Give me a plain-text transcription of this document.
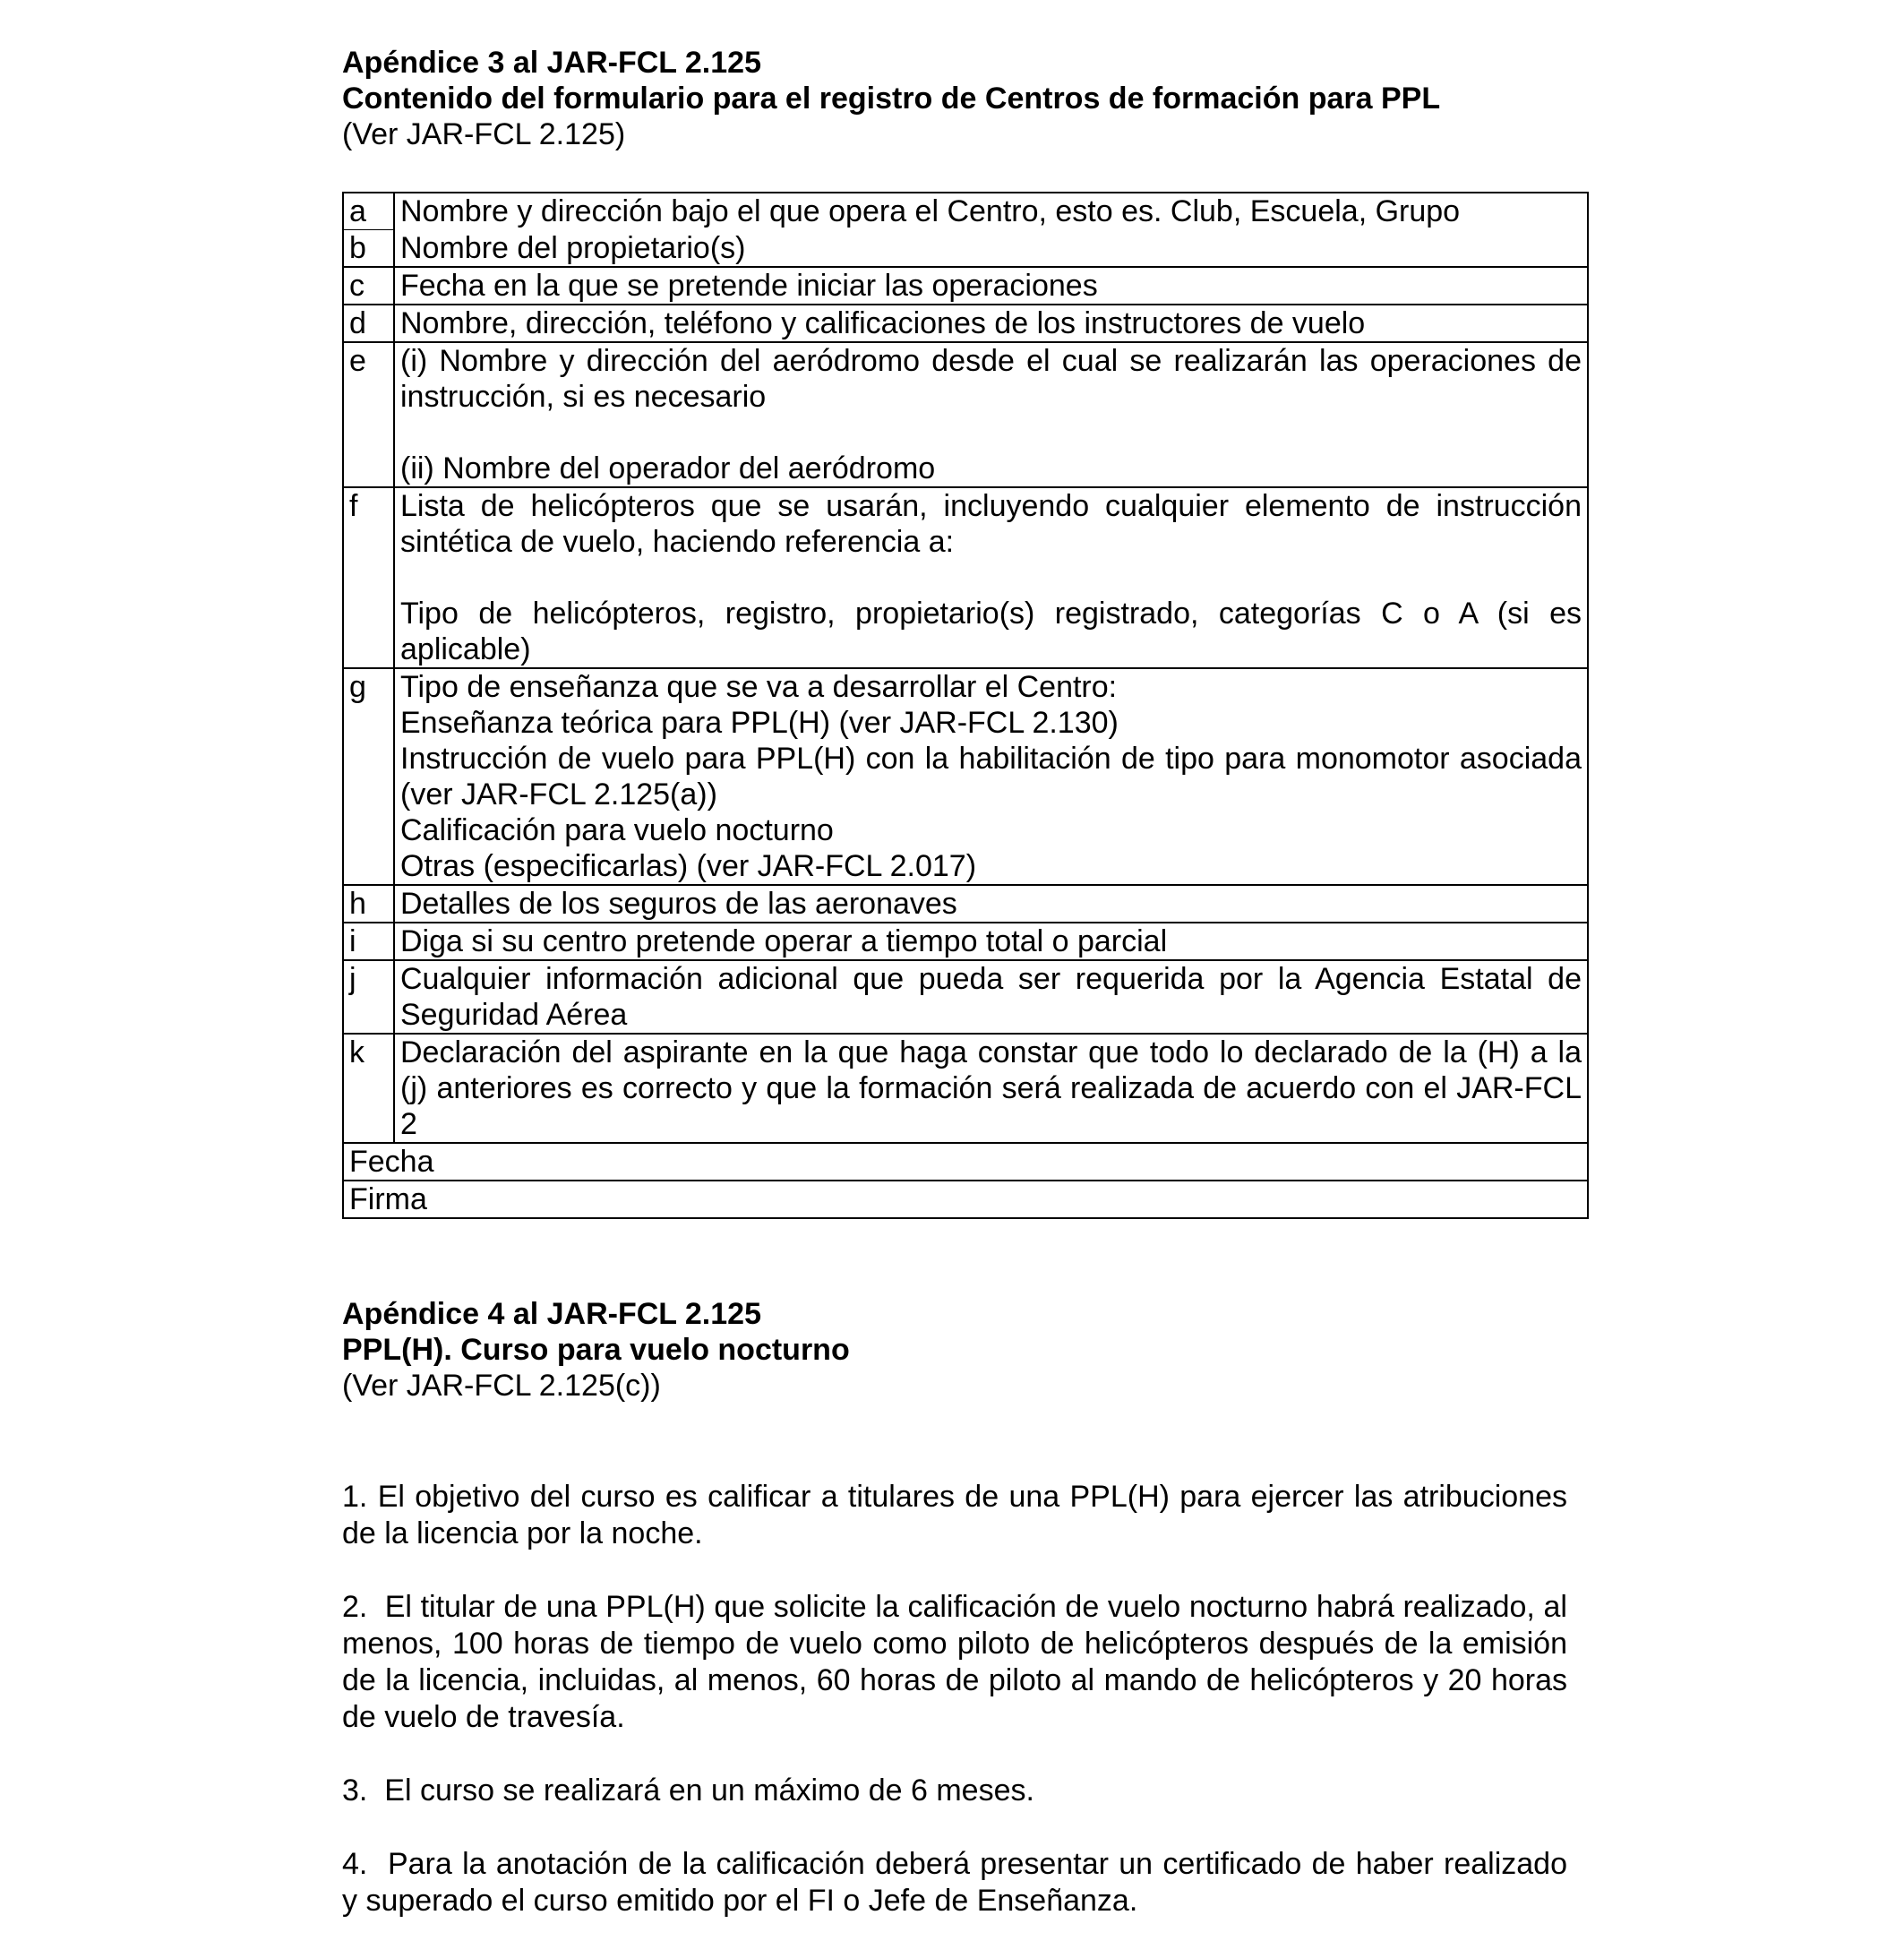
Apéndice 3 al JAR-FCL 2.125

Contenido del formulario para el registro de Centros de formación para PPL

(Ver JAR-FCL 2.125)

a	Nombre y dirección bajo el que opera el Centro, esto es. Club, Escuela, Grupo
b	Nombre del propietario(s)
c	Fecha en la que se pretende iniciar las operaciones
d	Nombre, dirección, teléfono y calificaciones de los instructores de vuelo
e	(i) Nombre y dirección del aeródromo desde el cual se realizarán las operaciones de instrucción, si es necesario
(ii) Nombre del operador del aeródromo
f	Lista de helicópteros que se usarán, incluyendo cualquier elemento de instrucción sintética de vuelo, haciendo referencia a:
Tipo de helicópteros, registro, propietario(s) registrado, categorías C o A (si es aplicable)
g	Tipo de enseñanza que se va a desarrollar el Centro:
Enseñanza teórica para PPL(H) (ver JAR-FCL 2.130)
Instrucción de vuelo para PPL(H) con la habilitación de tipo para monomotor asociada (ver JAR-FCL 2.125(a))
Calificación para vuelo nocturno
Otras (especificarlas) (ver JAR-FCL 2.017)

h	Detalles de los seguros de las aeronaves
i	Diga si su centro pretende operar a tiempo total o parcial
j	Cualquier información adicional que pueda ser requerida por la Agencia Estatal de Seguridad Aérea
k	Declaración del aspirante en la que haga constar que todo lo declarado de la (H) a la (j) anteriores es correcto y que la formación será realizada de acuerdo con el JAR-FCL 2
Fecha	
Firma	

Apéndice 4 al JAR-FCL 2.125

PPL(H). Curso para vuelo nocturno

(Ver JAR-FCL 2.125(c))

1. El objetivo del curso es calificar a titulares de una PPL(H) para ejercer las atribuciones de la licencia por la noche.

2. El titular de una PPL(H) que solicite la calificación de vuelo nocturno habrá realizado, al menos, 100 horas de tiempo de vuelo como piloto de helicópteros después de la emisión de la licencia, incluidas, al menos, 60 horas de piloto al mando de helicópteros y 20 horas de vuelo de travesía.

3. El curso se realizará en un máximo de 6 meses.

4. Para la anotación de la calificación deberá presentar un certificado de haber realizado y superado el curso emitido por el FI o Jefe de Enseñanza.
